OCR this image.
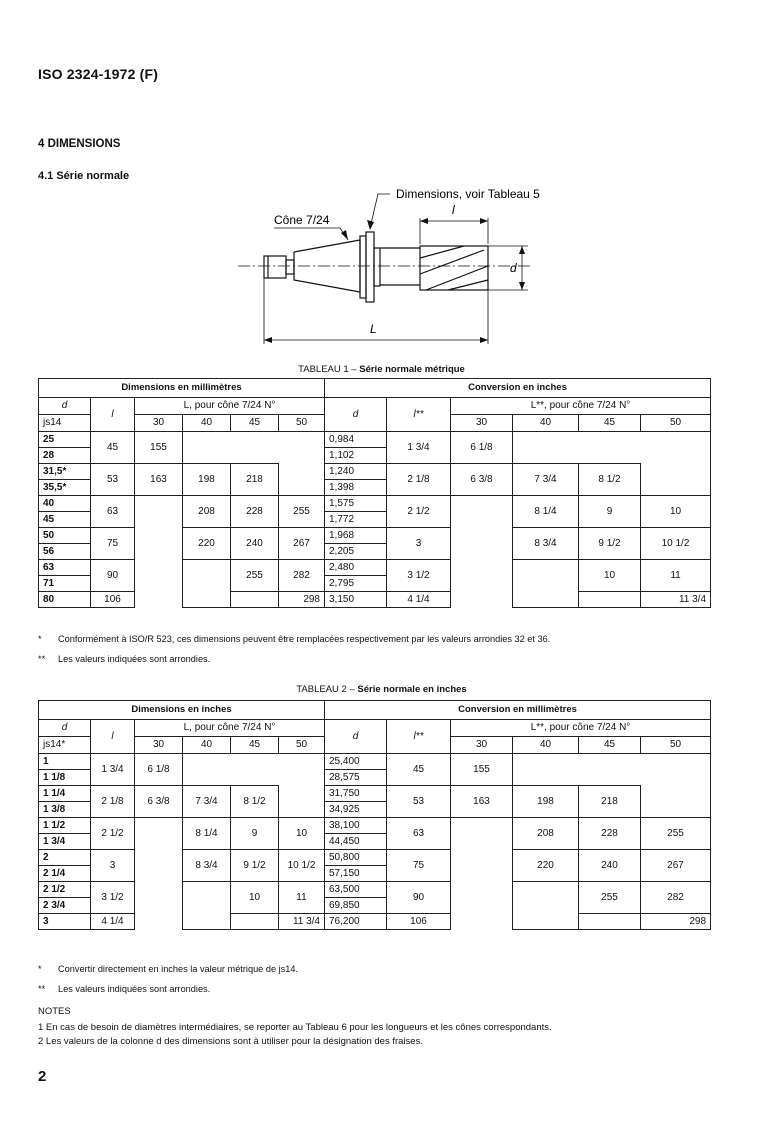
ISO 2324-1972 (F)
4 DIMENSIONS
4.1 Série normale
Dimensions, voir Tableau 5
Cône 7/24
l
d
L
TABLEAU 1 – Série normale métrique
Dimensions en millimètres						Conversion en inches					
d	l	L, pour cône 7/24 N°				d	l**	L**, pour cône 7/24 N°			
js14		30	40	45	50			30	40	45	50
25	45	155				0,984	1 3/4	6 1/8			
28						1,102					
31,5*	53	163	198	218		1,240	2 1/8	6 3/8	7 3/4	8 1/2	
35,5*						1,398					
40	63		208	228	255	1,575	2 1/2		8 1/4	9	10
45						1,772					
50	75		220	240	267	1,968	3		8 3/4	9 1/2	10 1/2
56						2,205					
63	90			255	282	2,480	3 1/2			10	11
71						2,795					
80	106				298	3,150	4 1/4				11 3/4
* Conformément à ISO/R 523, ces dimensions peuvent être remplacées respectivement par les valeurs arrondies 32 et 36.
** Les valeurs indiquées sont arrondies.
TABLEAU 2 – Série normale en inches
Dimensions en inches						Conversion en millimètres					
d	l	L, pour cône 7/24 N°				d	l**	L**, pour cône 7/24 N°			
js14*		30	40	45	50			30	40	45	50
1	1 3/4	6 1/8				25,400	45	155			
1 1/8						28,575					
1 1/4	2 1/8	6 3/8	7 3/4	8 1/2		31,750	53	163	198	218	
1 3/8						34,925					
1 1/2	2 1/2		8 1/4	9	10	38,100	63		208	228	255
1 3/4						44,450					
2	3		8 3/4	9 1/2	10 1/2	50,800	75		220	240	267
2 1/4						57,150					
2 1/2	3 1/2			10	11	63,500	90			255	282
2 3/4						69,850					
3	4 1/4				11 3/4	76,200	106				298
* Convertir directement en inches la valeur métrique de js14.
** Les valeurs indiquées sont arrondies.
NOTES
1 En cas de besoin de diamètres intermédiaires, se reporter au Tableau 6 pour les longueurs et les cônes correspondants.
2 Les valeurs de la colonne d des dimensions sont à utiliser pour la désignation des fraises.
2
